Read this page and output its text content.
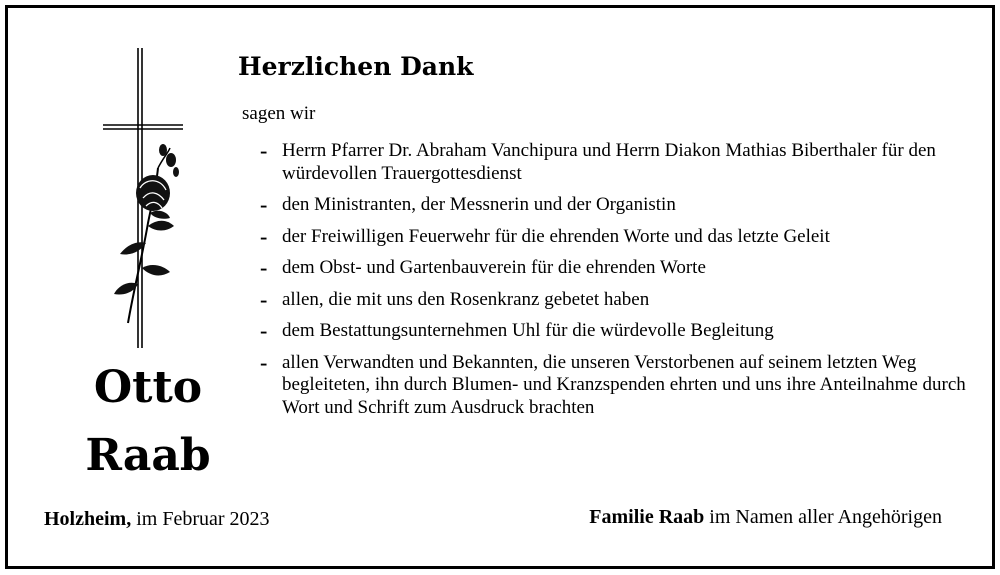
Otto
Raab
Herzlichen Dank
sagen wir
- Herrn Pfarrer Dr. Abraham Vanchipura und Herrn Diakon Mathias Biberthaler für den würdevollen Trauergottesdienst
- den Ministranten, der Messnerin und der Organistin
- der Freiwilligen Feuerwehr für die ehrenden Worte und das letzte Geleit
- dem Obst- und Gartenbauverein für die ehrenden Worte
- allen, die mit uns den Rosenkranz gebetet haben
- dem Bestattungsunternehmen Uhl für die würdevolle Begleitung
- allen Verwandten und Bekannten, die unseren Verstorbenen auf seinem letzten Weg begleiteten, ihn durch Blumen- und Kranzspenden ehrten und uns ihre Anteilnahme durch Wort und Schrift zum Ausdruck brachten
Holzheim, im Februar 2023	Familie Raab im Namen aller Angehörigen
